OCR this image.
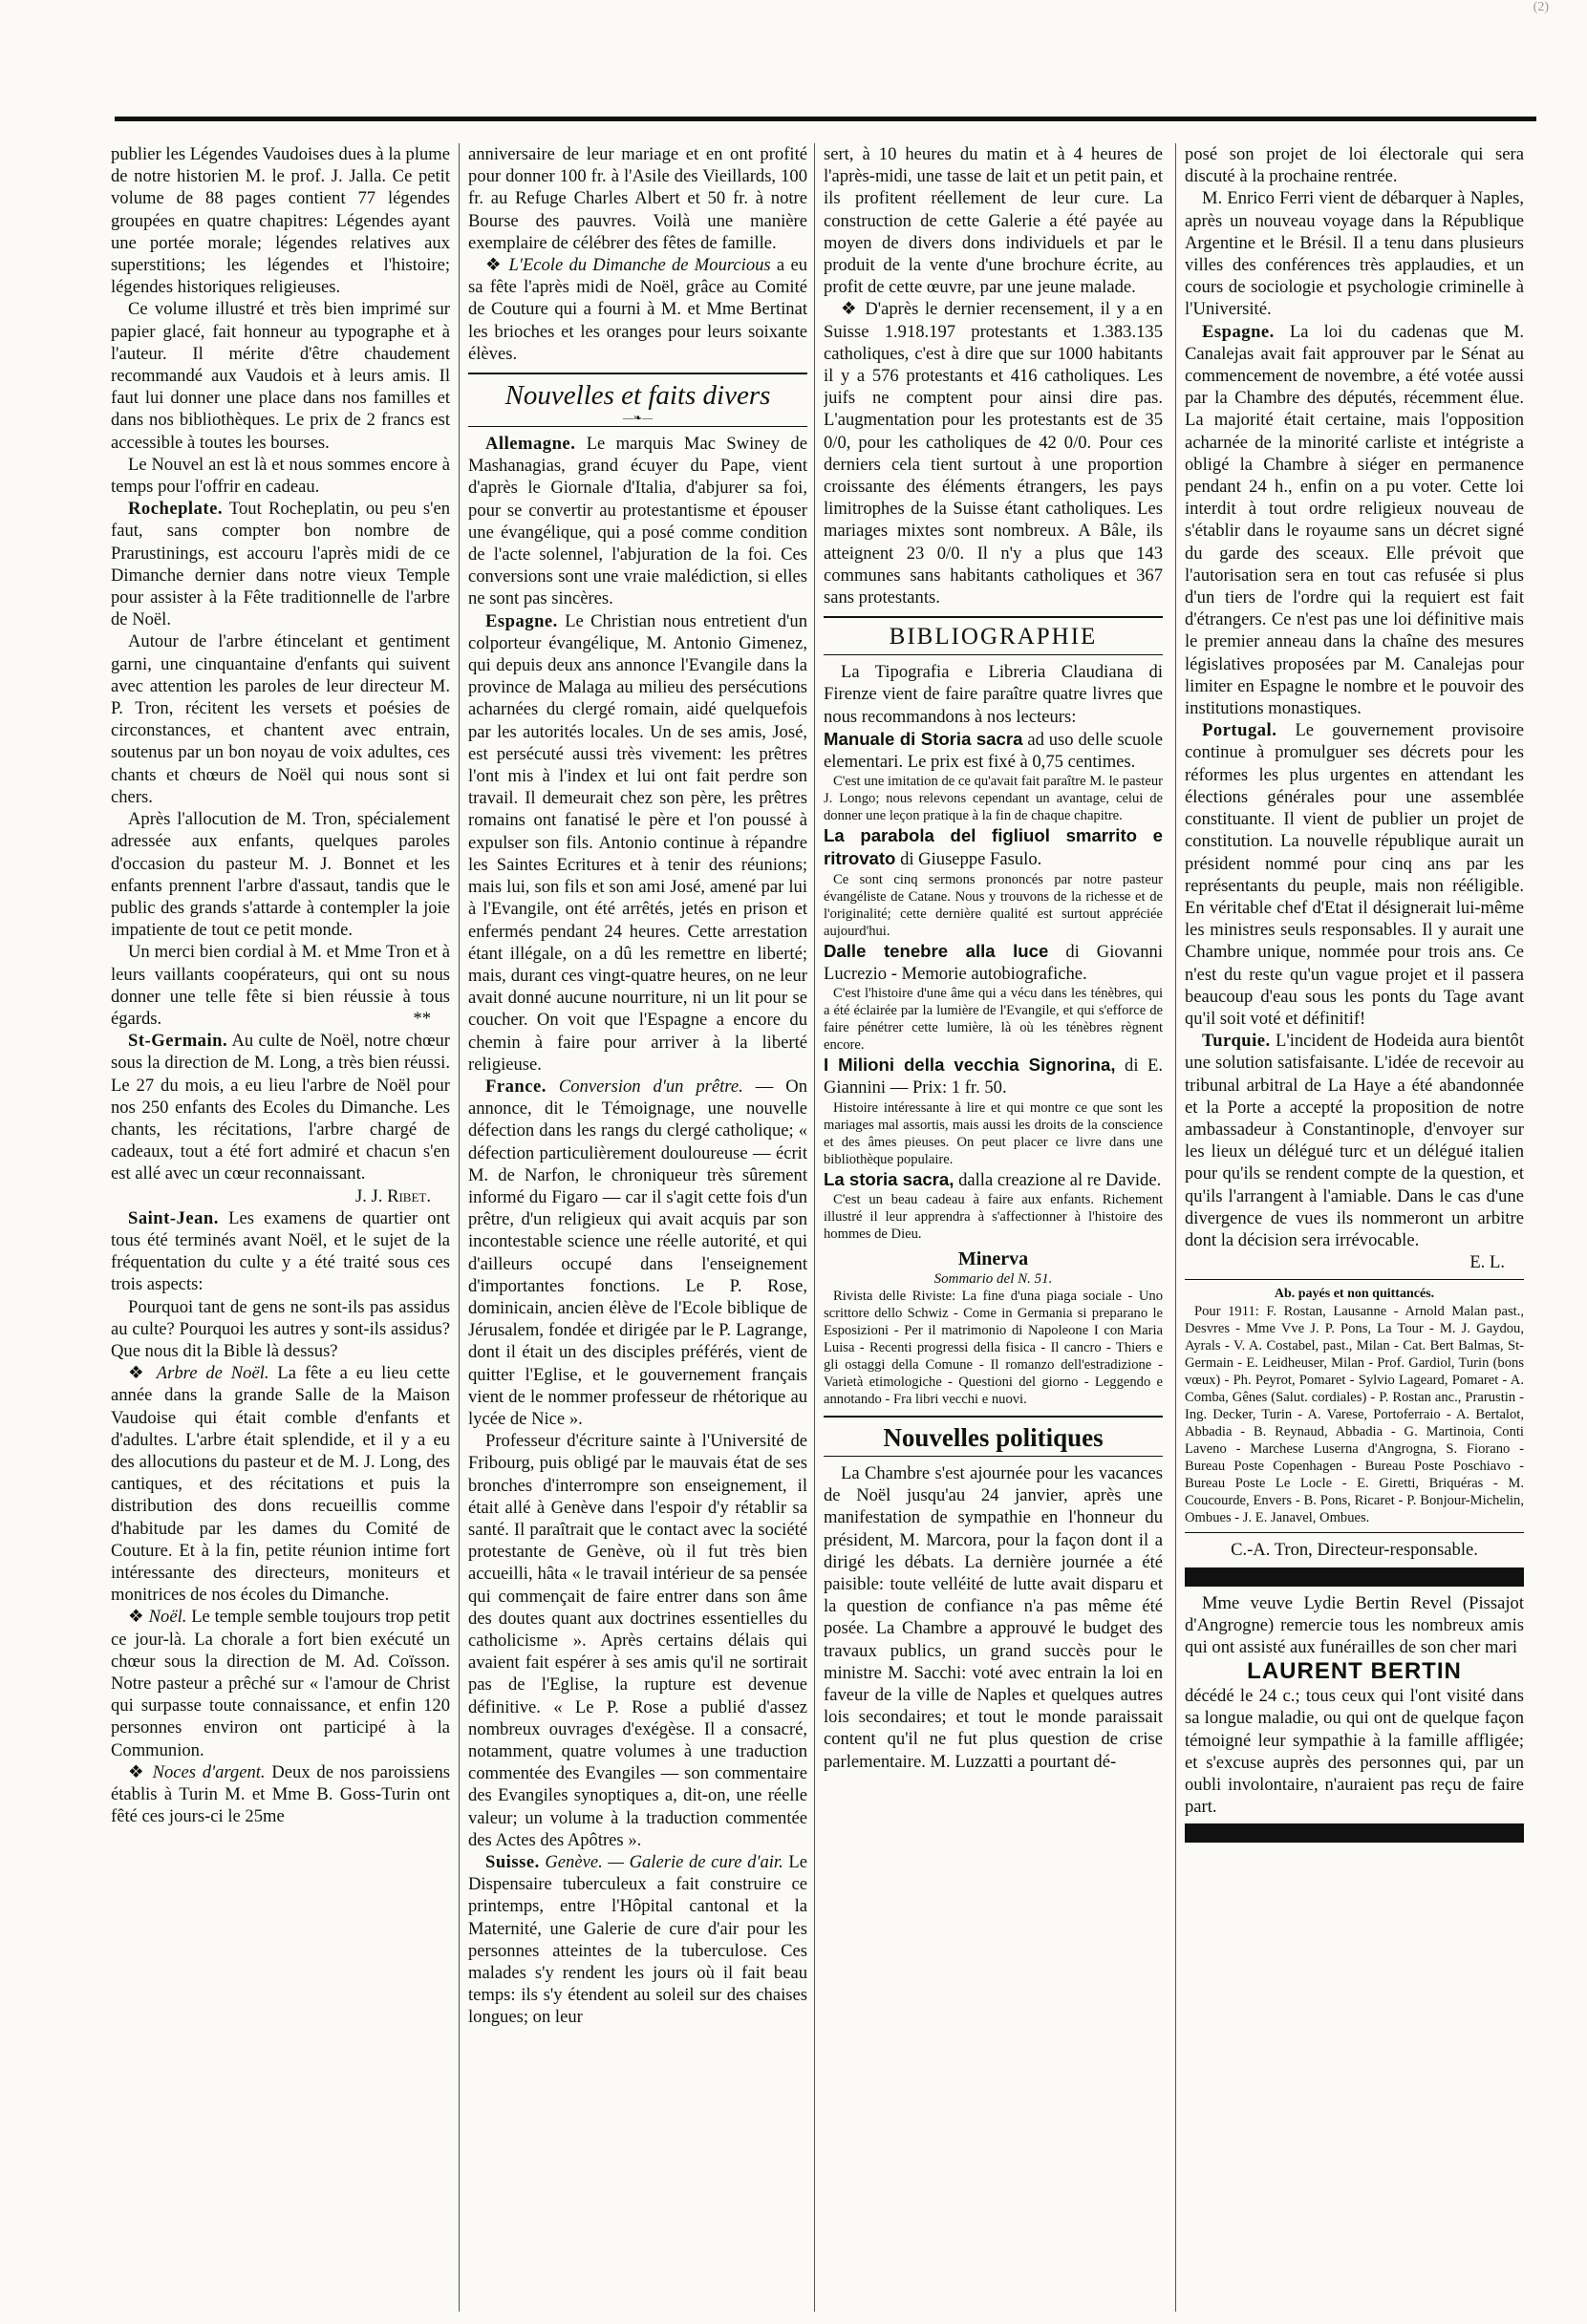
(2)

publier les Légendes Vaudoises dues à la plume de notre historien M. le prof. J. Jalla. Ce petit volume de 88 pages contient 77 légendes groupées en quatre chapitres: Légendes ayant une portée morale; légendes relatives aux superstitions; les légendes et l'histoire; légendes historiques religieuses.

Ce volume illustré et très bien imprimé sur papier glacé, fait honneur au typographe et à l'auteur. Il mérite d'être chaudement recommandé aux Vaudois et à leurs amis. Il faut lui donner une place dans nos familles et dans nos bibliothèques. Le prix de 2 francs est accessible à toutes les bourses.

Le Nouvel an est là et nous sommes encore à temps pour l'offrir en cadeau.

Rocheplate. Tout Rocheplatin, ou peu s'en faut, sans compter bon nombre de Prarustinings, est accouru l'après midi de ce Dimanche dernier dans notre vieux Temple pour assister à la Fête traditionnelle de l'arbre de Noël.

Autour de l'arbre étincelant et gentiment garni, une cinquantaine d'enfants qui suivent avec attention les paroles de leur directeur M. P. Tron, récitent les versets et poésies de circonstances, et chantent avec entrain, soutenus par un bon noyau de voix adultes, ces chants et chœurs de Noël qui nous sont si chers.

Après l'allocution de M. Tron, spécialement adressée aux enfants, quelques paroles d'occasion du pasteur M. J. Bonnet et les enfants prennent l'arbre d'assaut, tandis que le public des grands s'attarde à contempler la joie impatiente de tout ce petit monde.

Un merci bien cordial à M. et Mme Tron et à leurs vaillants coopérateurs, qui ont su nous donner une telle fête si bien réussie à tous égards.	**

St-Germain. Au culte de Noël, notre chœur sous la direction de M. Long, a très bien réussi. Le 27 du mois, a eu lieu l'arbre de Noël pour nos 250 enfants des Ecoles du Dimanche. Les chants, les récitations, l'arbre chargé de cadeaux, tout a été fort admiré et chacun s'en est allé avec un cœur reconnaissant.

J. J. Ribet.

Saint-Jean. Les examens de quartier ont tous été terminés avant Noël, et le sujet de la fréquentation du culte y a été traité sous ces trois aspects:

Pourquoi tant de gens ne sont-ils pas assidus au culte? Pourquoi les autres y sont-ils assidus? Que nous dit la Bible là dessus?

❖ Arbre de Noël. La fête a eu lieu cette année dans la grande Salle de la Maison Vaudoise qui était comble d'enfants et d'adultes. L'arbre était splendide, et il y a eu des allocutions du pasteur et de M. J. Long, des cantiques, et des récitations et puis la distribution des dons recueillis comme d'habitude par les dames du Comité de Couture. Et à la fin, petite réunion intime fort intéressante des directeurs, moniteurs et monitrices de nos écoles du Dimanche.

❖ Noël. Le temple semble toujours trop petit ce jour-là. La chorale a fort bien exécuté un chœur sous la direction de M. Ad. Coïsson. Notre pasteur a prêché sur « l'amour de Christ qui surpasse toute connaissance, et enfin 120 personnes environ ont participé à la Communion.

❖ Noces d'argent. Deux de nos paroissiens établis à Turin M. et Mme B. Goss-Turin ont fêté ces jours-ci le 25me

anniversaire de leur mariage et en ont profité pour donner 100 fr. à l'Asile des Vieillards, 100 fr. au Refuge Charles Albert et 50 fr. à notre Bourse des pauvres. Voilà une manière exemplaire de célébrer des fêtes de famille.

❖ L'Ecole du Dimanche de Mourcious a eu sa fête l'après midi de Noël, grâce au Comité de Couture qui a fourni à M. et Mme Bertinat les brioches et les oranges pour leurs soixante élèves.

Nouvelles et faits divers
—❧—

Allemagne. Le marquis Mac Swiney de Mashanagias, grand écuyer du Pape, vient d'après le Giornale d'Italia, d'abjurer sa foi, pour se convertir au protestantisme et épouser une évangélique, qui a posé comme condition de l'acte solennel, l'abjuration de la foi. Ces conversions sont une vraie malédiction, si elles ne sont pas sincères.

Espagne. Le Christian nous entretient d'un colporteur évangélique, M. Antonio Gimenez, qui depuis deux ans annonce l'Evangile dans la province de Malaga au milieu des persécutions acharnées du clergé romain, aidé quelquefois par les autorités locales. Un de ses amis, José, est persécuté aussi très vivement: les prêtres l'ont mis à l'index et lui ont fait perdre son travail. Il demeurait chez son père, les prêtres romains ont fanatisé le père et l'on poussé à expulser son fils. Antonio continue à répandre les Saintes Ecritures et à tenir des réunions; mais lui, son fils et son ami José, amené par lui à l'Evangile, ont été arrêtés, jetés en prison et enfermés pendant 24 heures. Cette arrestation étant illégale, on a dû les remettre en liberté; mais, durant ces vingt-quatre heures, on ne leur avait donné aucune nourriture, ni un lit pour se coucher. On voit que l'Espagne a encore du chemin à faire pour arriver à la liberté religieuse.

France. Conversion d'un prêtre. — On annonce, dit le Témoignage, une nouvelle défection dans les rangs du clergé catholique; « défection particulièrement douloureuse — écrit M. de Narfon, le chroniqueur très sûrement informé du Figaro — car il s'agit cette fois d'un prêtre, d'un religieux qui avait acquis par son incontestable science une réelle autorité, et qui d'ailleurs occupé dans l'enseignement d'importantes fonctions. Le P. Rose, dominicain, ancien élève de l'Ecole biblique de Jérusalem, fondée et dirigée par le P. Lagrange, dont il était un des disciples préférés, vient de quitter l'Eglise, et le gouvernement français vient de le nommer professeur de rhétorique au lycée de Nice ».

Professeur d'écriture sainte à l'Université de Fribourg, puis obligé par le mauvais état de ses bronches d'interrompre son enseignement, il était allé à Genève dans l'espoir d'y rétablir sa santé. Il paraîtrait que le contact avec la société protestante de Genève, où il fut très bien accueilli, hâta « le travail intérieur de sa pensée qui commençait de faire entrer dans son âme des doutes quant aux doctrines essentielles du catholicisme ». Après certains délais qui avaient fait espérer à ses amis qu'il ne sortirait pas de l'Eglise, la rupture est devenue définitive. « Le P. Rose a publié d'assez nombreux ouvrages d'exégèse. Il a consacré, notamment, quatre volumes à une traduction commentée des Evangiles — son commentaire des Evangiles synoptiques a, dit-on, une réelle valeur; un volume à la traduction commentée des Actes des Apôtres ».

Suisse. Genève. — Galerie de cure d'air. Le Dispensaire tuberculeux a fait construire ce printemps, entre l'Hôpital cantonal et la Maternité, une Galerie de cure d'air pour les personnes atteintes de la tuberculose. Ces malades s'y rendent les jours où il fait beau temps: ils s'y étendent au soleil sur des chaises longues; on leur

sert, à 10 heures du matin et à 4 heures de l'après-midi, une tasse de lait et un petit pain, et ils profitent réellement de leur cure. La construction de cette Galerie a été payée au moyen de divers dons individuels et par le produit de la vente d'une brochure écrite, au profit de cette œuvre, par une jeune malade.

❖ D'après le dernier recensement, il y a en Suisse 1.918.197 protestants et 1.383.135 catholiques, c'est à dire que sur 1000 habitants il y a 576 protestants et 416 catholiques. Les juifs ne comptent pour ainsi dire pas. L'augmentation pour les protestants est de 35 0/0, pour les catholiques de 42 0/0. Pour ces derniers cela tient surtout à une proportion croissante des éléments étrangers, les pays limitrophes de la Suisse étant catholiques. Les mariages mixtes sont nombreux. A Bâle, ils atteignent 23 0/0. Il n'y a plus que 143 communes sans habitants catholiques et 367 sans protestants.

BIBLIOGRAPHIE

La Tipografia e Libreria Claudiana di Firenze vient de faire paraître quatre livres que nous recommandons à nos lecteurs:

Manuale di Storia sacra ad uso delle scuole elementari. Le prix est fixé à 0,75 centimes.

C'est une imitation de ce qu'avait fait paraître M. le pasteur J. Longo; nous relevons cependant un avantage, celui de donner une leçon pratique à la fin de chaque chapitre.

La parabola del figliuol smarrito e ritrovato di Giuseppe Fasulo.

Ce sont cinq sermons prononcés par notre pasteur évangéliste de Catane. Nous y trouvons de la richesse et de l'originalité; cette dernière qualité est surtout appréciée aujourd'hui.

Dalle tenebre alla luce di Giovanni Lucrezio - Memorie autobiografiche.

C'est l'histoire d'une âme qui a vécu dans les ténèbres, qui a été éclairée par la lumière de l'Evangile, et qui s'efforce de faire pénétrer cette lumière, là où les ténèbres règnent encore.

I Milioni della vecchia Signorina, di E. Giannini — Prix: 1 fr. 50.

Histoire intéressante à lire et qui montre ce que sont les mariages mal assortis, mais aussi les droits de la conscience et des âmes pieuses. On peut placer ce livre dans une bibliothèque populaire.

La storia sacra, dalla creazione al re Davide.

C'est un beau cadeau à faire aux enfants. Richement illustré il leur apprendra à s'affectionner à l'histoire des hommes de Dieu.

Minerva
Sommario del N. 51.

Rivista delle Riviste: La fine d'una piaga sociale - Uno scrittore dello Schwiz - Come in Germania si preparano le Esposizioni - Per il matrimonio di Napoleone I con Maria Luisa - Recenti progressi della fisica - Il cancro - Thiers e gli ostaggi della Comune - Il romanzo dell'estradizione - Varietà etimologiche - Questioni del giorno - Leggendo e annotando - Fra libri vecchi e nuovi.

Nouvelles politiques

La Chambre s'est ajournée pour les vacances de Noël jusqu'au 24 janvier, après une manifestation de sympathie en l'honneur du président, M. Marcora, pour la façon dont il a dirigé les débats. La dernière journée a été paisible: toute velléité de lutte avait disparu et la question de confiance n'a pas même été posée. La Chambre a approuvé le budget des travaux publics, un grand succès pour le ministre M. Sacchi: voté avec entrain la loi en faveur de la ville de Naples et quelques autres lois secondaires; et tout le monde paraissait content qu'il ne fut plus question de crise parlementaire. M. Luzzatti a pourtant dé-

posé son projet de loi électorale qui sera discuté à la prochaine rentrée.

M. Enrico Ferri vient de débarquer à Naples, après un nouveau voyage dans la République Argentine et le Brésil. Il a tenu dans plusieurs villes des conférences très applaudies, et un cours de sociologie et psychologie criminelle à l'Université.

Espagne. La loi du cadenas que M. Canalejas avait fait approuver par le Sénat au commencement de novembre, a été votée aussi par la Chambre des députés, récemment élue. La majorité était certaine, mais l'opposition acharnée de la minorité carliste et intégriste a obligé la Chambre à siéger en permanence pendant 24 h., enfin on a pu voter. Cette loi interdit à tout ordre religieux nouveau de s'établir dans le royaume sans un décret signé du garde des sceaux. Elle prévoit que l'autorisation sera en tout cas refusée si plus d'un tiers de l'ordre qui la requiert est fait d'étrangers. Ce n'est pas une loi définitive mais le premier anneau dans la chaîne des mesures législatives proposées par M. Canalejas pour limiter en Espagne le nombre et le pouvoir des institutions monastiques.

Portugal. Le gouvernement provisoire continue à promulguer ses décrets pour les réformes les plus urgentes en attendant les élections générales pour une assemblée constituante. Il vient de publier un projet de constitution. La nouvelle république aurait un président nommé pour cinq ans par les représentants du peuple, mais non rééligible. En véritable chef d'Etat il désignerait lui-même les ministres seuls responsables. Il y aurait une Chambre unique, nommée pour trois ans. Ce n'est du reste qu'un vague projet et il passera beaucoup d'eau sous les ponts du Tage avant qu'il soit voté et définitif!

Turquie. L'incident de Hodeida aura bientôt une solution satisfaisante. L'idée de recevoir au tribunal arbitral de La Haye a été abandonnée et la Porte a accepté la proposition de notre ambassadeur à Constantinople, d'envoyer sur les lieux un délégué turc et un délégué italien pour qu'ils se rendent compte de la question, et qu'ils l'arrangent à l'amiable. Dans le cas d'une divergence de vues ils nommeront un arbitre dont la décision sera irrévocable.

E. L.
Ab. payés et non quittancés.

Pour 1911: F. Rostan, Lausanne - Arnold Malan past., Desvres - Mme Vve J. P. Pons, La Tour - M. J. Gaydou, Ayrals - V. A. Costabel, past., Milan - Cat. Bert Balmas, St-Germain - E. Leidheuser, Milan - Prof. Gardiol, Turin (bons vœux) - Ph. Peyrot, Pomaret - Sylvio Lageard, Pomaret - A. Comba, Gênes (Salut. cordiales) - P. Rostan anc., Prarustin - Ing. Decker, Turin - A. Varese, Portoferraio - A. Bertalot, Abbadia - B. Reynaud, Abbadia - G. Martinoia, Conti Laveno - Marchese Luserna d'Angrogna, S. Fiorano - Bureau Poste Copenhagen - Bureau Poste Poschiavo - Bureau Poste Le Locle - E. Giretti, Briquéras - M. Coucourde, Envers - B. Pons, Ricaret - P. Bonjour-Michelin, Ombues - J. E. Janavel, Ombues.

C.-A. Tron, Directeur-responsable.

Mme veuve Lydie Bertin Revel (Pissajot d'Angrogne) remercie tous les nombreux amis qui ont assisté aux funérailles de son cher mari

LAURENT BERTIN

décédé le 24 c.; tous ceux qui l'ont visité dans sa longue maladie, ou qui ont de quelque façon témoigné leur sympathie à la famille affligée; et s'excuse auprès des personnes qui, par un oubli involontaire, n'auraient pas reçu de faire part.
